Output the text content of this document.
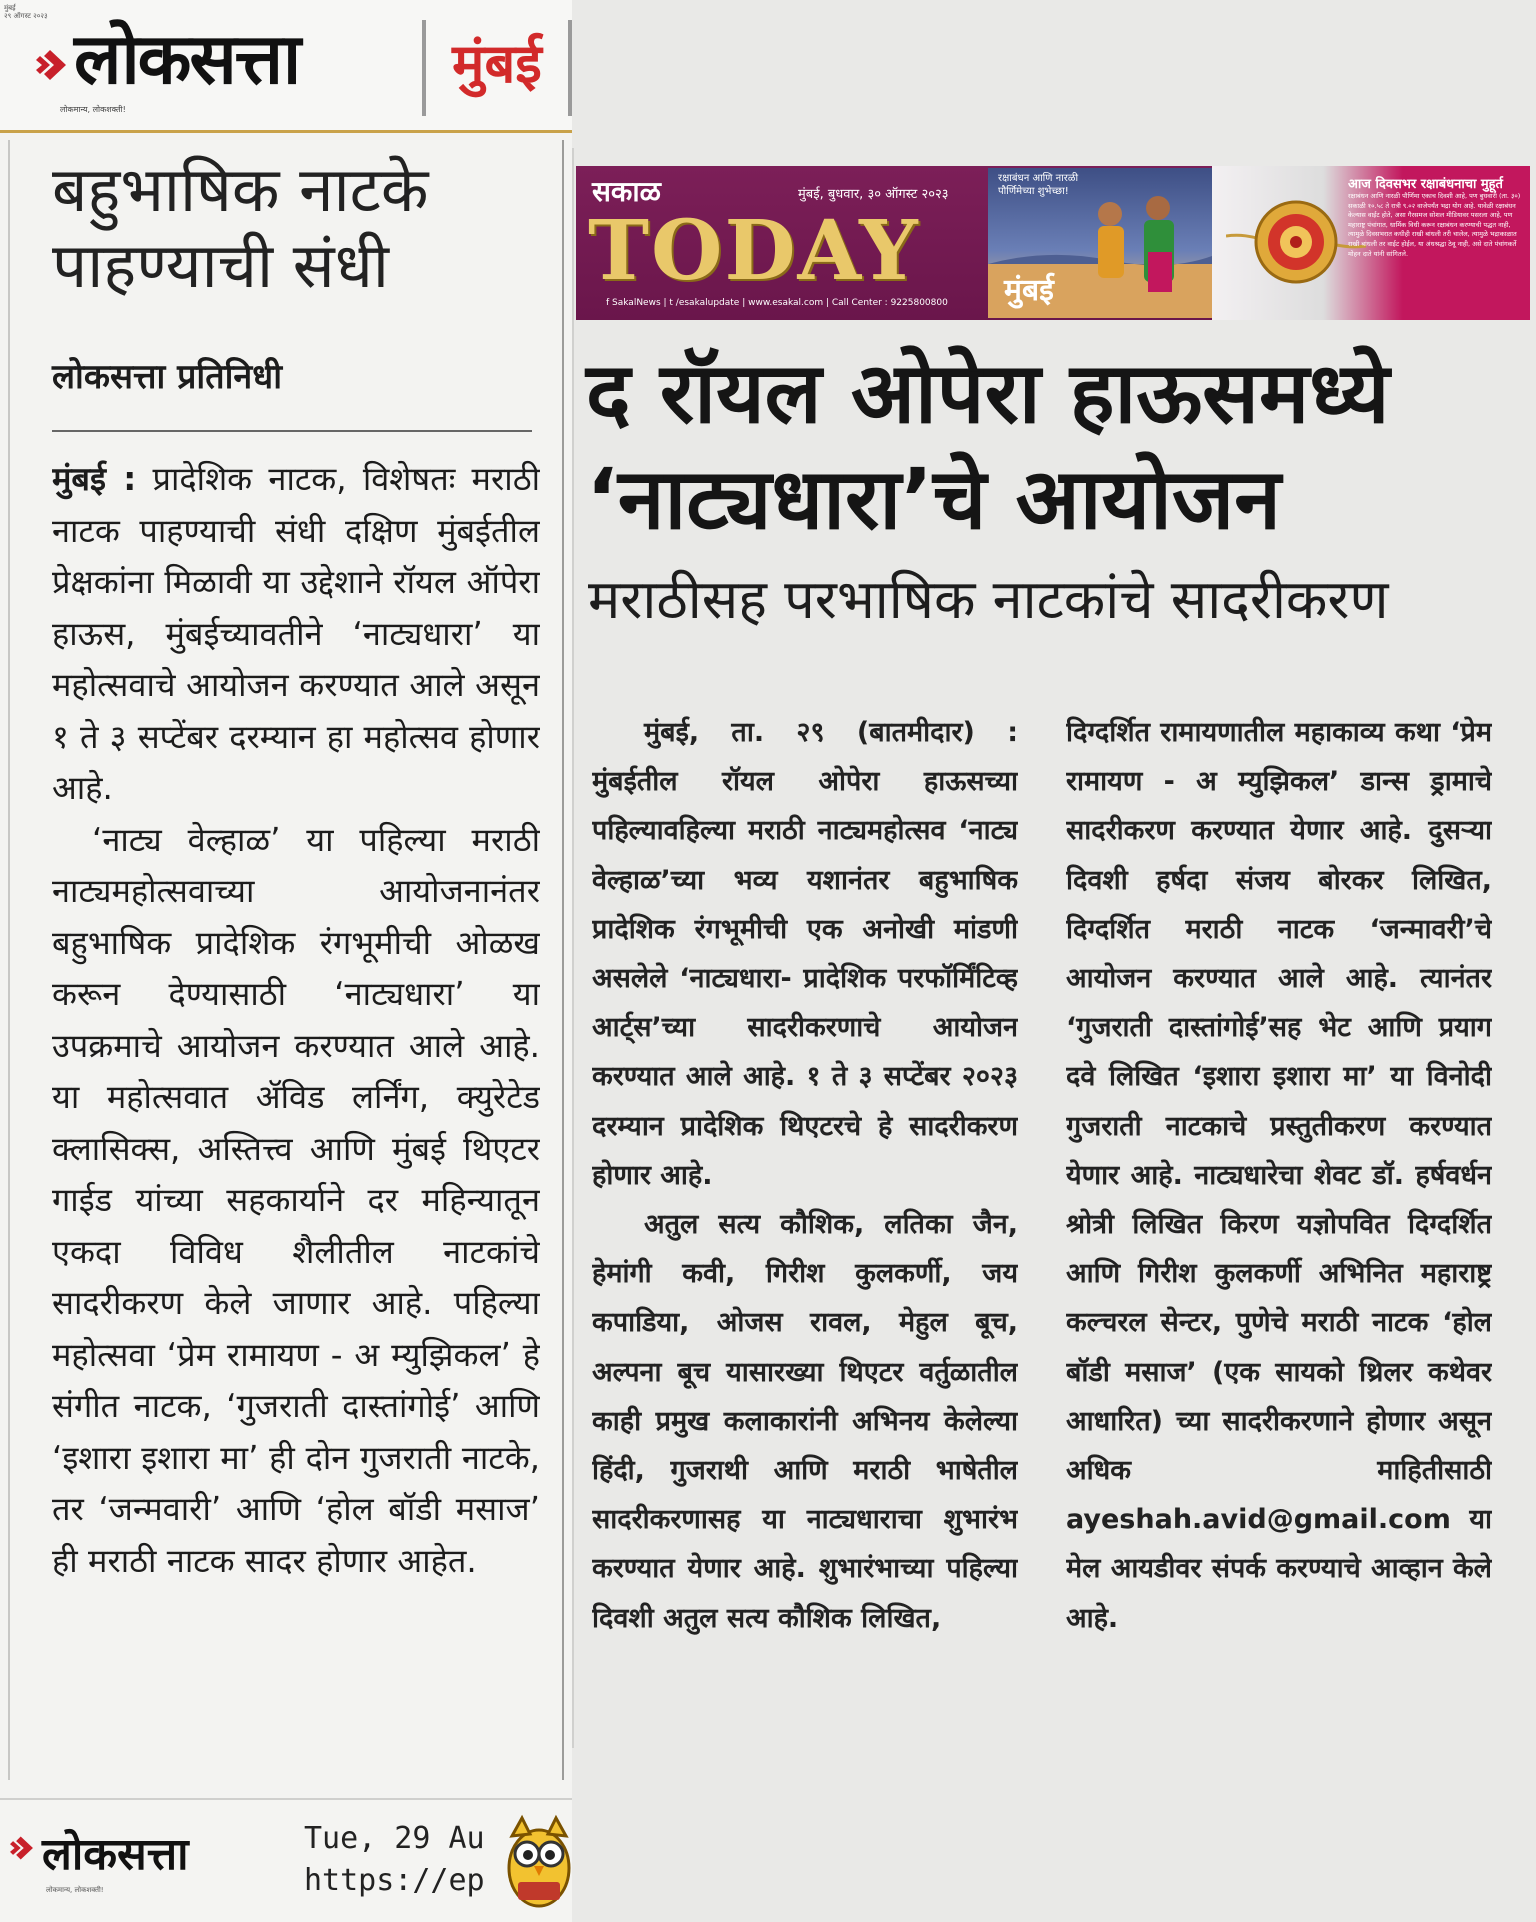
मुंबई
२९ ऑगस्ट २०२३
लोकसत्ता	मुंबई
लोकमान्य, लोकशक्ती!
बहुभाषिक नाटके
पाहण्याची संधी
लोकसत्ता प्रतिनिधी

मुंबई : प्रादेशिक नाटक, विशेषतः मराठी नाटक पाहण्याची संधी दक्षिण मुंबईतील प्रेक्षकांना मिळावी या उद्देशाने रॉयल ऑपेरा हाऊस, मुंबईच्यावतीने ‘नाट्यधारा’ या महोत्सवाचे आयोजन करण्यात आले असून १ ते ३ सप्टेंबर दरम्यान हा महोत्सव होणार आहे.

‘नाट्य वेल्हाळ’ या पहिल्या मराठी नाट्यमहोत्सवाच्या आयोजनानंतर बहुभाषिक प्रादेशिक रंगभूमीची ओळख करून देण्यासाठी ‘नाट्यधारा’ या उपक्रमाचे आयोजन करण्यात आले आहे. या महोत्सवात ॲविड लर्निंग, क्युरेटेड क्लासिक्स, अस्तित्त्व आणि मुंबई थिएटर गाईड यांच्या सहकार्याने दर महिन्यातून एकदा विविध शैलीतील नाटकांचे सादरीकरण केले जाणार आहे. पहिल्या महोत्सवा ‘प्रेम रामायण - अ म्युझिकल’ हे संगीत नाटक, ‘गुजराती दास्तांगोई’ आणि ‘इशारा इशारा मा’ ही दोन गुजराती नाटके, तर ‘जन्मवारी’ आणि ‘होल बॉडी मसाज’ ही मराठी नाटक सादर होणार आहेत.

लोकसत्ता
लोकमान्य, लोकशक्ती!
Tue, 29 Au
https://ep
सकाळ	मुंबई, बुधवार, ३० ऑगस्ट २०२३
TODAY
f SakalNews | t /esakalupdate | www.esakal.com | Call Center : 9225800800
रक्षाबंधन आणि नारळी पौर्णिमेच्या शुभेच्छा!
मुंबई
आज दिवसभर रक्षाबंधनाचा मुहूर्त
रक्षाबंधन आणि नारळी पौर्णिमा एकाच दिवशी आहे, पण बुधवारी (ता. ३०) सकाळी १०.५८ ते रात्री ९.०२ वाजेपर्यंत भद्रा योग आहे. यावेळी रक्षाबंधन केल्यास वाईट होते, असा गैरसमज सोशल मीडियावर पसरला आहे, पण महाराष्ट्र पंचांगात, धार्मिक विधी करून रक्षाबंधन करण्याची पद्धत नाही, त्यामुळे दिवसभरात कधीही राखी बांधली तरी चालेल, त्यामुळे भद्राकाळात राखी बांधली तर वाईट होईल, या अंधश्रद्धा ठेवू नाही, असे दाते पंचांगकर्ते मोहन दाते यांनी सांगितले.
द रॉयल ओपेरा हाऊसमध्ये
‘नाट्यधारा’चे आयोजन
मराठीसह परभाषिक नाटकांचे सादरीकरण

मुंबई, ता. २९ (बातमीदार) : मुंबईतील रॉयल ओपेरा हाऊसच्या पहिल्यावहिल्या मराठी नाट्यमहोत्सव ‘नाट्य वेल्हाळ’च्या भव्य यशानंतर बहुभाषिक प्रादेशिक रंगभूमीची एक अनोखी मांडणी असलेले ‘नाट्यधारा- प्रादेशिक परफॉर्मिंटिव्ह आर्ट्स’च्या सादरीकरणाचे आयोजन करण्यात आले आहे. १ ते ३ सप्टेंबर २०२३ दरम्यान प्रादेशिक थिएटरचे हे सादरीकरण होणार आहे.

अतुल सत्य कौशिक, लतिका जैन, हेमांगी कवी, गिरीश कुलकर्णी, जय कपाडिया, ओजस रावल, मेहुल बूच, अल्पना बूच यासारख्या थिएटर वर्तुळातील काही प्रमुख कलाकारांनी अभिनय केलेल्या हिंदी, गुजराथी आणि मराठी भाषेतील सादरीकरणासह या नाट्यधाराचा शुभारंभ करण्यात येणार आहे. शुभारंभाच्या पहिल्या दिवशी अतुल सत्य कौशिक लिखित,

दिग्दर्शित रामायणातील महाकाव्य कथा ‘प्रेम रामायण - अ म्युझिकल’ डान्स ड्रामाचे सादरीकरण करण्यात येणार आहे. दुसऱ्या दिवशी हर्षदा संजय बोरकर लिखित, दिग्दर्शित मराठी नाटक ‘जन्मावरी’चे आयोजन करण्यात आले आहे. त्यानंतर ‘गुजराती दास्तांगोई’सह भेट आणि प्रयाग दवे लिखित ‘इशारा इशारा मा’ या विनोदी गुजराती नाटकाचे प्रस्तुतीकरण करण्यात येणार आहे. नाट्यधारेचा शेवट डॉ. हर्षवर्धन श्रोत्री लिखित किरण यज्ञोपवित दिग्दर्शित आणि गिरीश कुलकर्णी अभिनित महाराष्ट्र कल्चरल सेन्टर, पुणेचे मराठी नाटक ‘होल बॉडी मसाज’ (एक सायको थ्रिलर कथेवर आधारित) च्या सादरीकरणाने होणार असून अधिक माहितीसाठी ayeshah.avid@gmail.com या मेल आयडीवर संपर्क करण्याचे आव्हान केले आहे.
